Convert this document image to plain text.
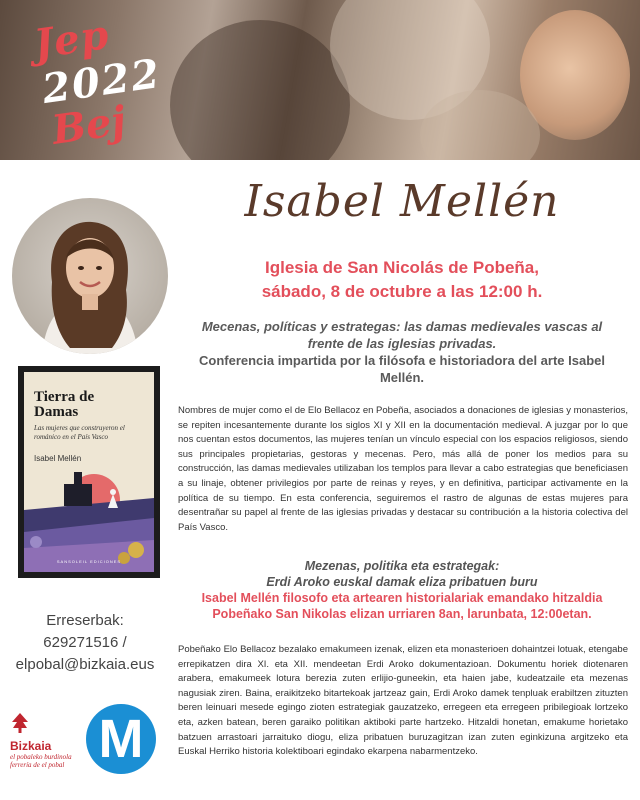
Jep
2022
Bej
Tierra de
Damas
Las mujeres que construyeron el románico en el País Vasco
Isabel Mellén
SANSOLEIL EDICIONES
Erreserbak:
629271516 /
elpobal@bizkaia.eus
Bizkaia
el pobaleko burdinola
ferrería de el pobal M
Isabel Mellén
Iglesia de San Nicolás de Pobeña,
sábado, 8 de octubre a las 12:00 h.
Mecenas, políticas y estrategas: las damas medievales vascas al
frente de las iglesias privadas.
Conferencia impartida por la filósofa e historiadora del arte Isabel Mellén.
Nombres de mujer como el de Elo Bellacoz en Pobeña, asociados a donaciones de iglesias y monasterios, se repiten incesantemente durante los siglos XI y XII en la documentación medieval. A juzgar por lo que nos cuentan estos documentos, las mujeres tenían un vínculo especial con los espacios religiosos, siendo sus principales propietarias, gestoras y mecenas. Pero, más allá de poner los medios para su construcción, las damas medievales utilizaban los templos para llevar a cabo estrategias que beneficiasen a su linaje, obtener privilegios por parte de reinas y reyes, y en definitiva, participar activamente en la política de su tiempo. En esta conferencia, seguiremos el rastro de algunas de estas mujeres para desentrañar su papel al frente de las iglesias privadas y destacar su contribución a la historia colectiva del País Vasco.
Mezenas, politika eta estrategak:
Erdi Aroko euskal damak eliza pribatuen buru
Isabel Mellén filosofo eta artearen historialariak emandako hitzaldia
Pobeñako San Nikolas elizan urriaren 8an, larunbata, 12:00etan.
Pobeñako Elo Bellacoz bezalako emakumeen izenak, elizen eta monasterioen dohaintzei lotuak, etengabe errepikatzen dira XI. eta XII. mendeetan Erdi Aroko dokumentazioan. Dokumentu horiek diotenaren arabera, emakumeek lotura berezia zuten erlijio-guneekin, eta haien jabe, kudeatzaile eta mezenas nagusiak ziren. Baina, eraikitzeko bitartekoak jartzeaz gain, Erdi Aroko damek tenpluak erabiltzen zituzten beren leinuari mesede egingo zioten estrategiak gauzatzeko, erregeen eta erregeen pribilegioak lortzeko eta, azken batean, beren garaiko politikan aktiboki parte hartzeko. Hitzaldi honetan, emakume horietako batzuen arrastoari jarraituko diogu, eliza pribatuen buruzagitzan izan zuten eginkizuna argitzeko eta Euskal Herriko historia kolektiboari egindako ekarpena nabarmentzeko.
